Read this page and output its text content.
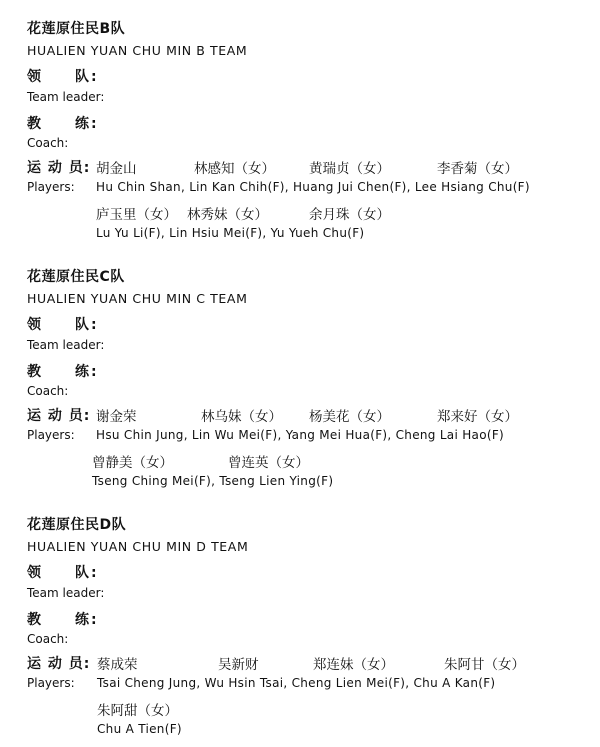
花莲原住民B队
HUALIEN YUAN CHU MIN B TEAM
领　　队:
Team leader:
教　　练:
Coach:
运 动 员:
Players:
胡金山	林感知（女）	黄瑞贞（女）	李香菊（女）
Hu Chin Shan, Lin Kan Chih(F), Huang Jui Chen(F), Lee Hsiang Chu(F)
庐玉里（女） 林秀妹（女）	余月珠（女）
Lu Yu Li(F), Lin Hsiu Mei(F), Yu Yueh Chu(F)
花莲原住民C队
HUALIEN YUAN CHU MIN C TEAM
领　　队:
Team leader:
教　　练:
Coach:
运 动 员:
Players:
谢金荣	林乌妹（女） 杨美花（女）	郑来好（女）
Hsu Chin Jung, Lin Wu Mei(F), Yang Mei Hua(F), Cheng Lai Hao(F)
曾静美（女）	曾连英（女）
Tseng Ching Mei(F), Tseng Lien Ying(F)
花莲原住民D队
HUALIEN YUAN CHU MIN D TEAM
领　　队:
Team leader:
教　　练:
Coach:
运 动 员:
Players:
蔡成荣	吴新财	郑连妹（女）	朱阿甘（女）
Tsai Cheng Jung, Wu Hsin Tsai, Cheng Lien Mei(F), Chu A Kan(F)
朱阿甜（女）
Chu A Tien(F)
